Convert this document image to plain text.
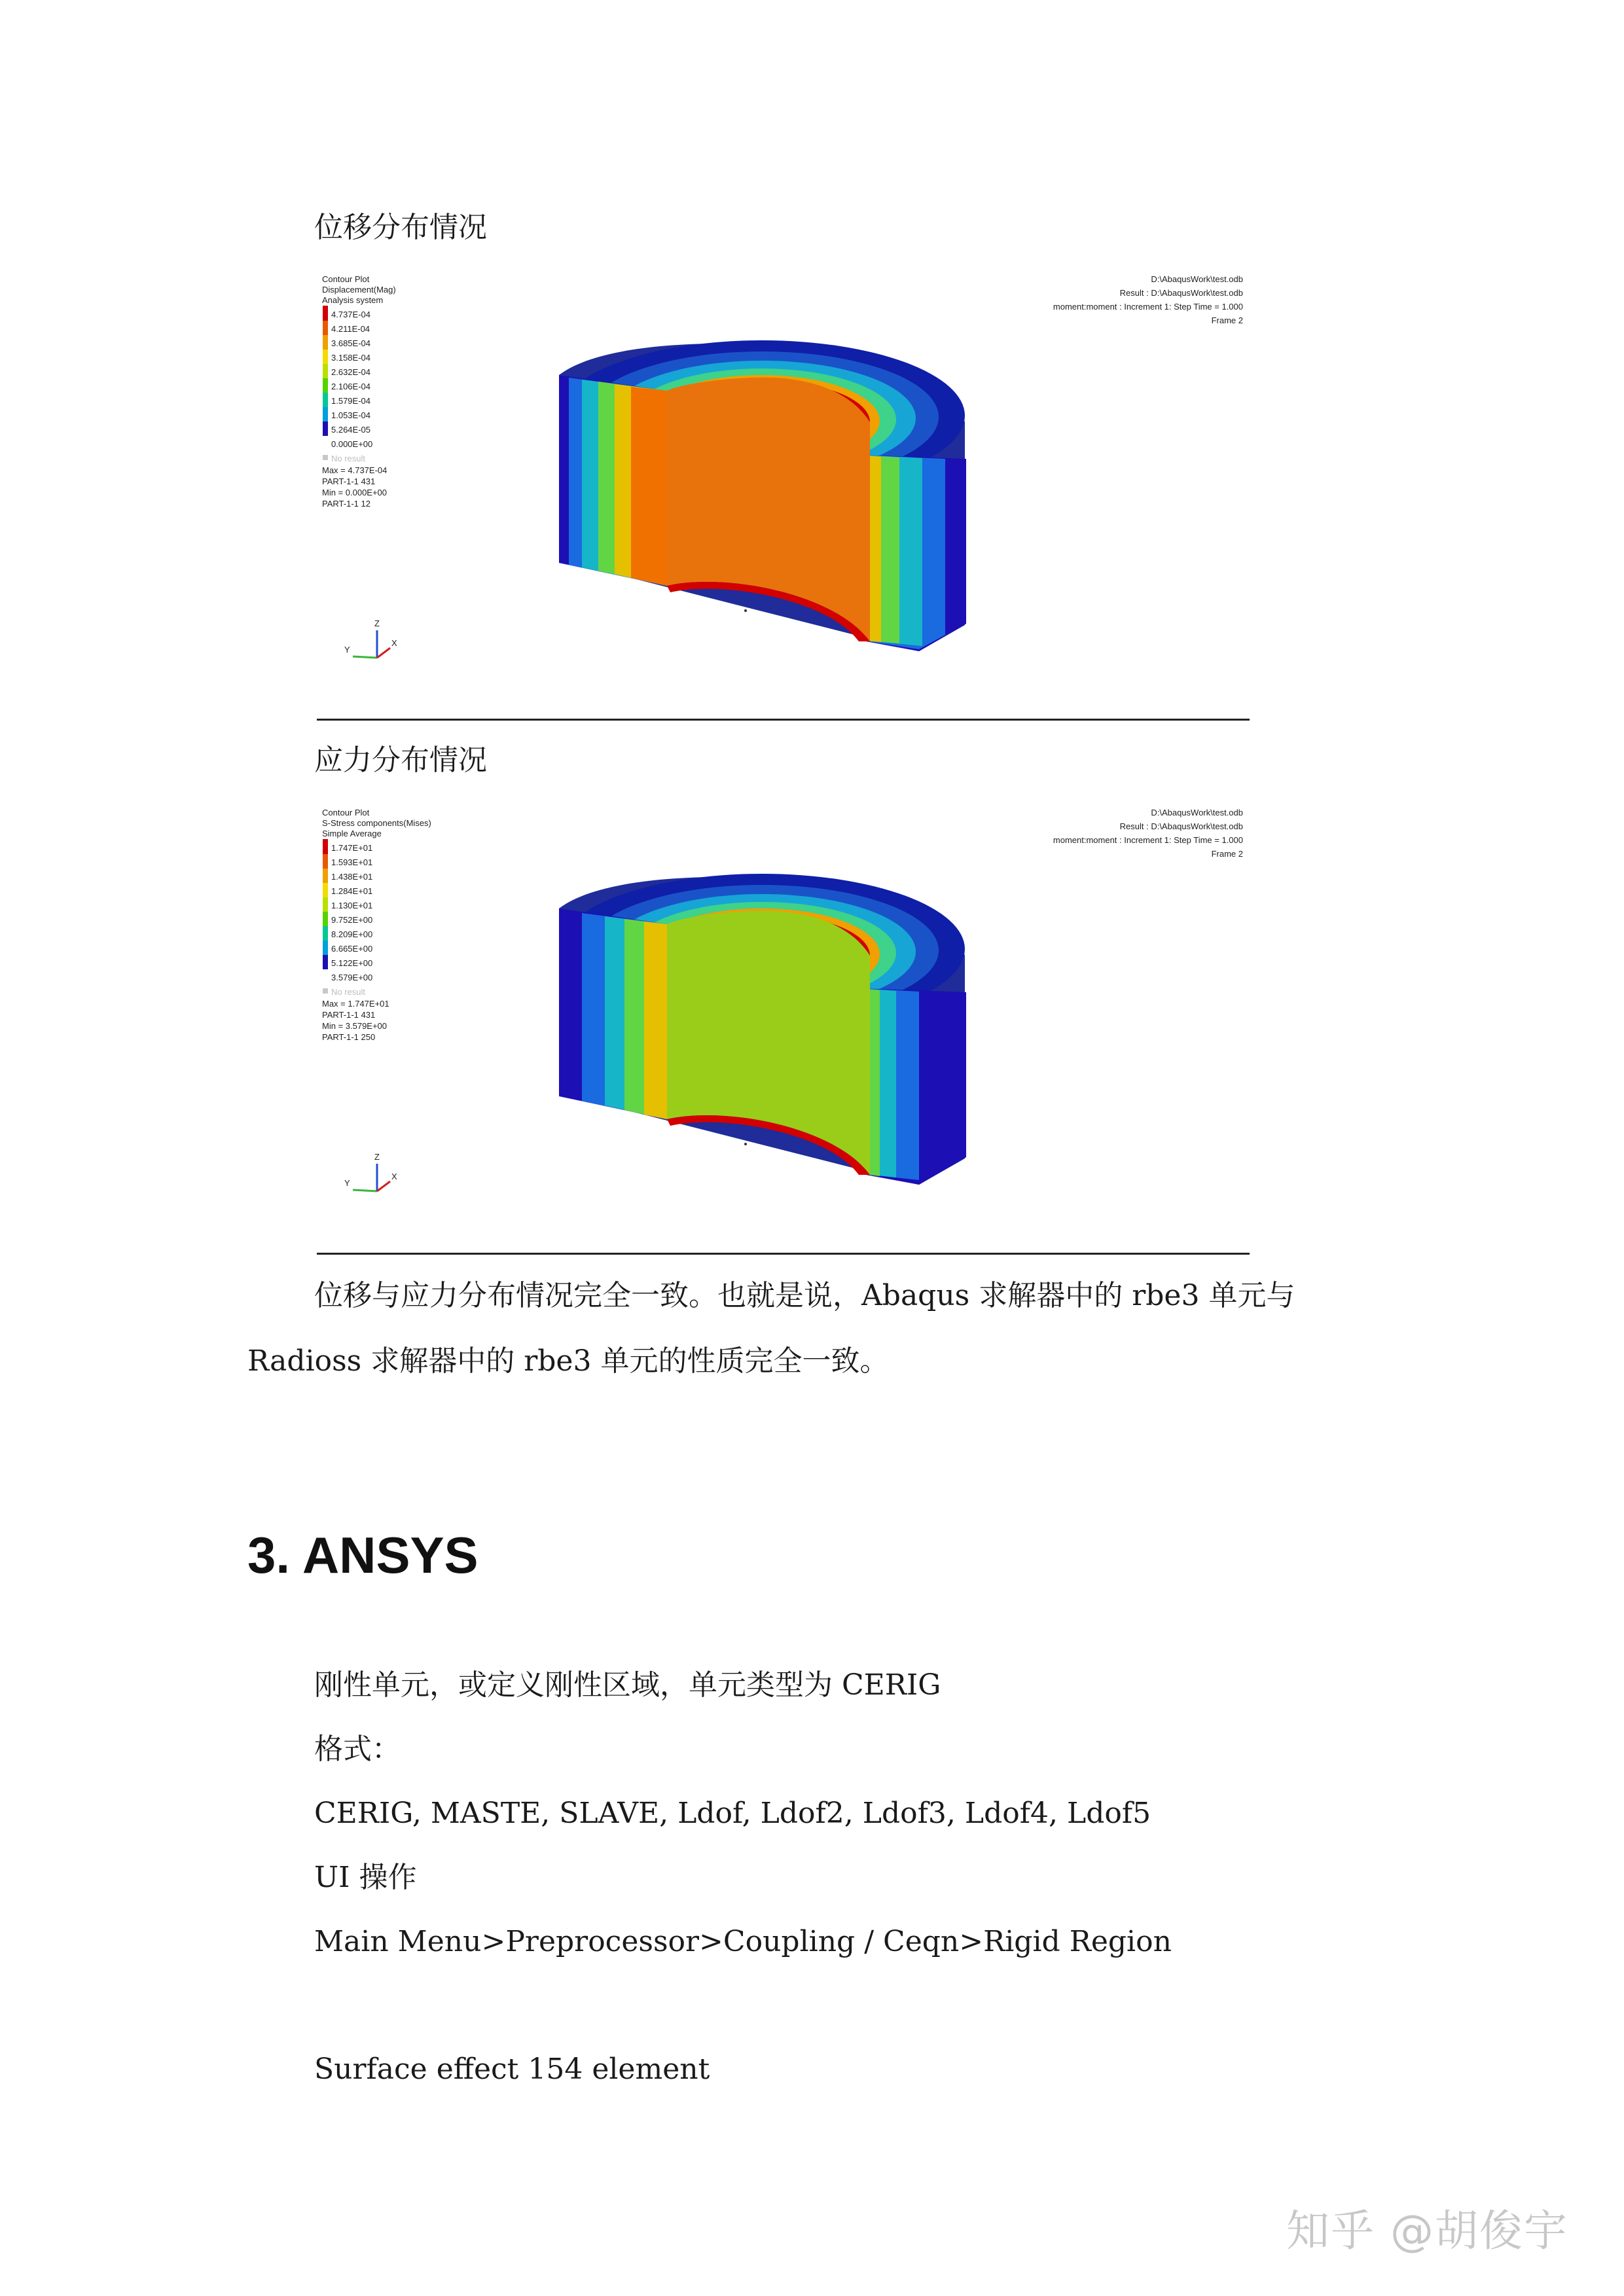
位移分布情况
Contour Plot
Displacement(Mag)
Analysis system
4.737E-04
4.211E-04
3.685E-04
3.158E-04
2.632E-04
2.106E-04
1.579E-04
1.053E-04
5.264E-05
0.000E+00
No result
Max = 4.737E-04
PART-1-1 431
Min = 0.000E+00
PART-1-1 12
D:\AbaqusWork\test.odb
Result : D:\AbaqusWork\test.odb
moment:moment : Increment 1: Step Time = 1.000
Frame 2
Z
Y
X
应力分布情况
Contour Plot
S-Stress components(Mises)
Simple Average
1.747E+01
1.593E+01
1.438E+01
1.284E+01
1.130E+01
9.752E+00
8.209E+00
6.665E+00
5.122E+00
3.579E+00
No result
Max = 1.747E+01
PART-1-1 431
Min = 3.579E+00
PART-1-1 250
D:\AbaqusWork\test.odb
Result : D:\AbaqusWork\test.odb
moment:moment : Increment 1: Step Time = 1.000
Frame 2
Z
Y
X
位移与应力分布情况完全一致。也就是说，Abaqus 求解器中的 rbe3 单元与
Radioss 求解器中的 rbe3 单元的性质完全一致。
3. ANSYS
刚性单元，或定义刚性区域，单元类型为 CERIG
格式：
CERIG, MASTE, SLAVE, Ldof, Ldof2, Ldof3, Ldof4, Ldof5
UI 操作
Main Menu>Preprocessor>Coupling / Ceqn>Rigid Region
Surface effect 154 element
知乎 @胡俊宇
